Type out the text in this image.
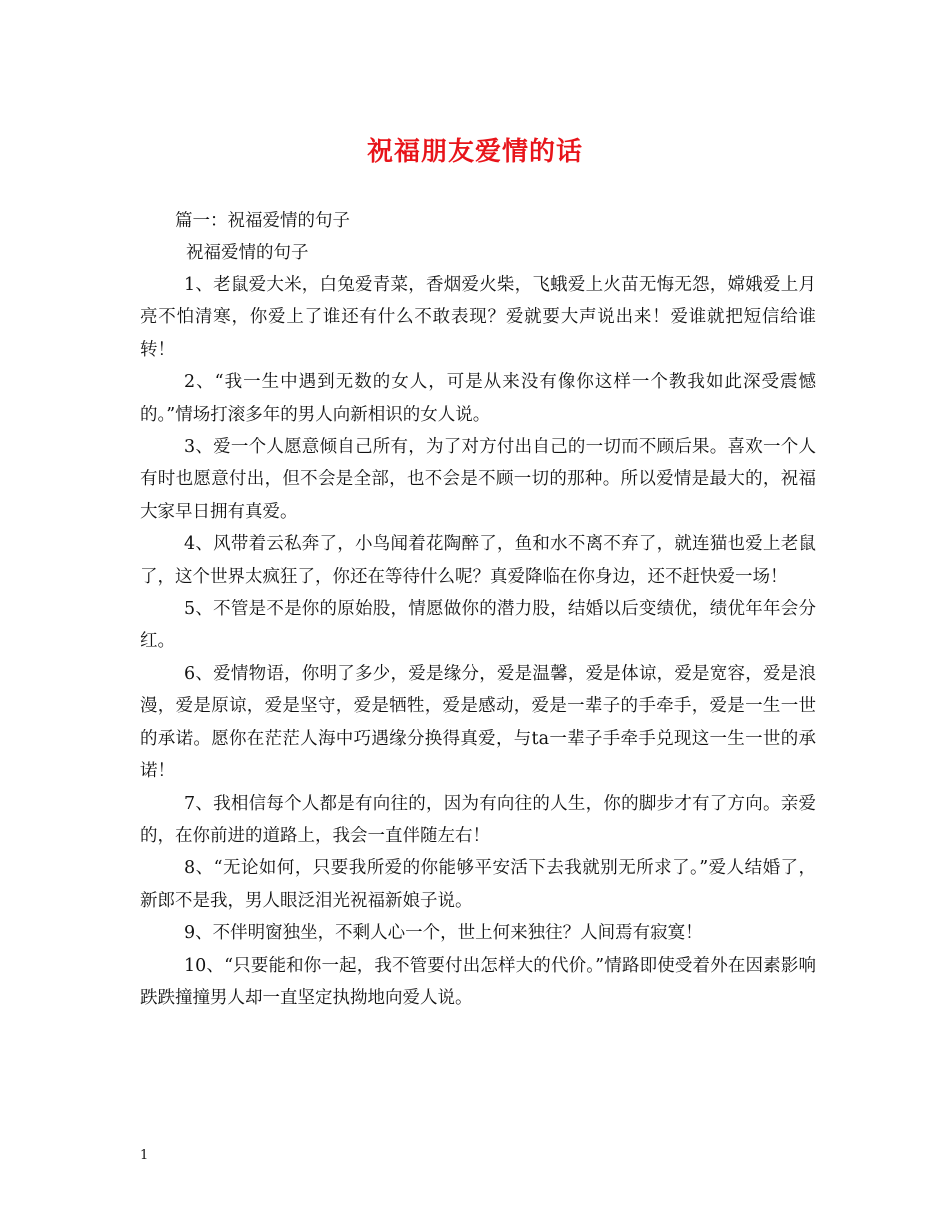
祝福朋友爱情的话

篇一：祝福爱情的句子

祝福爱情的句子

1、老鼠爱大米，白兔爱青菜，香烟爱火柴，飞蛾爱上火苗无悔无怨，嫦娥爱上月亮不怕清寒，你爱上了谁还有什么不敢表现？爱就要大声说出来！爱谁就把短信给谁转！

2、“我一生中遇到无数的女人，可是从来没有像你这样一个教我如此深受震憾的。”情场打滚多年的男人向新相识的女人说。

3、爱一个人愿意倾自己所有，为了对方付出自己的一切而不顾后果。喜欢一个人有时也愿意付出，但不会是全部，也不会是不顾一切的那种。所以爱情是最大的，祝福大家早日拥有真爱。

4、风带着云私奔了，小鸟闻着花陶醉了，鱼和水不离不弃了，就连猫也爱上老鼠了，这个世界太疯狂了，你还在等待什么呢？真爱降临在你身边，还不赶快爱一场！

5、不管是不是你的原始股，情愿做你的潜力股，结婚以后变绩优，绩优年年会分红。

6、爱情物语，你明了多少，爱是缘分，爱是温馨，爱是体谅，爱是宽容，爱是浪漫，爱是原谅，爱是坚守，爱是牺牲，爱是感动，爱是一辈子的手牵手，爱是一生一世的承诺。愿你在茫茫人海中巧遇缘分换得真爱，与ta一辈子手牵手兑现这一生一世的承诺！

7、我相信每个人都是有向往的，因为有向往的人生，你的脚步才有了方向。亲爱的，在你前进的道路上，我会一直伴随左右！

8、“无论如何，只要我所爱的你能够平安活下去我就别无所求了。”爱人结婚了，新郎不是我，男人眼泛泪光祝福新娘子说。

9、不伴明窗独坐，不剩人心一个，世上何来独往？人间焉有寂寞！

10、“只要能和你一起，我不管要付出怎样大的代价。”情路即使受着外在因素影响跌跌撞撞男人却一直坚定执拗地向爱人说。

1
